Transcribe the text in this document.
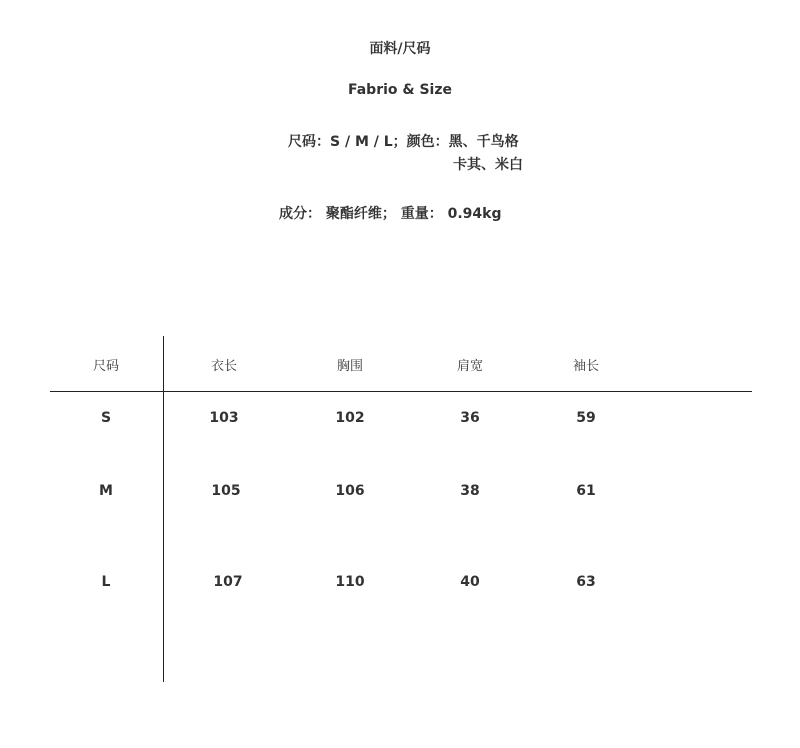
面料/尺码
Fabrio & Size
尺码：S / M / L；颜色：黑、千鸟格
卡其、米白
成分： 聚酯纤维； 重量： 0.94kg
尺码	衣长	胸围	肩宽	袖长
S	103	102	36	59
M	105	106	38	61
L	107	110	40	63
